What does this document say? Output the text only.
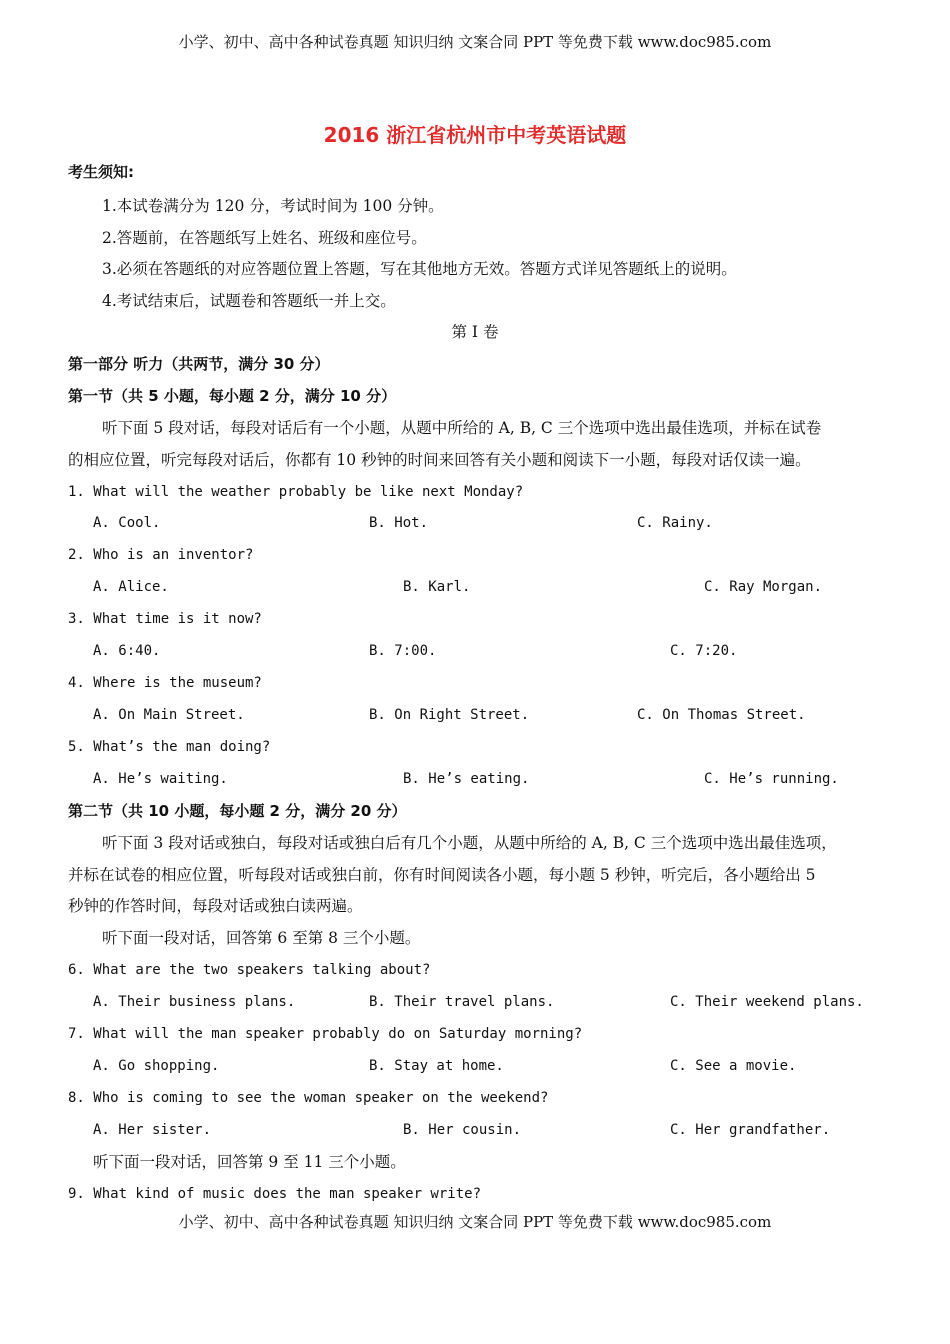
小学、初中、高中各种试卷真题 知识归纳 文案合同 PPT 等免费下载 www.doc985.com
2016 浙江省杭州市中考英语试题
考生须知:
1.本试卷满分为 120 分，考试时间为 100 分钟。
2.答题前，在答题纸写上姓名、班级和座位号。
3.必须在答题纸的对应答题位置上答题，写在其他地方无效。答题方式详见答题纸上的说明。
4.考试结束后，试题卷和答题纸一并上交。
第 I 卷
第一部分 听力（共两节，满分 30 分）
第一节（共 5 小题，每小题 2 分，满分 10 分）
听下面 5 段对话，每段对话后有一个小题，从题中所给的 A, B, C 三个选项中选出最佳选项，并标在试卷
的相应位置，听完每段对话后，你都有 10 秒钟的时间来回答有关小题和阅读下一小题，每段对话仅读一遍。
1. What will the weather probably be like next Monday?
A. Cool.	B. Hot.	C. Rainy.
2. Who is an inventor?
A. Alice.	B. Karl.	C. Ray Morgan.
3. What time is it now?
A. 6:40.	B. 7:00.	C. 7:20.
4. Where is the museum?
A. On Main Street.	B. On Right Street.	C. On Thomas Street.
5. What’s the man doing?
A. He’s waiting.	B. He’s eating.	C. He’s running.
第二节（共 10 小题，每小题 2 分，满分 20 分）
听下面 3 段对话或独白，每段对话或独白后有几个小题，从题中所给的 A, B, C 三个选项中选出最佳选项，
并标在试卷的相应位置，听每段对话或独白前，你有时间阅读各小题，每小题 5 秒钟，听完后，各小题给出 5
秒钟的作答时间，每段对话或独白读两遍。
听下面一段对话，回答第 6 至第 8 三个小题。
6. What are the two speakers talking about?
A. Their business plans.	B. Their travel plans.	C. Their weekend plans.
7. What will the man speaker probably do on Saturday morning?
A. Go shopping.	B. Stay at home.	C. See a movie.
8. Who is coming to see the woman speaker on the weekend?
A. Her sister.	B. Her cousin.	C. Her grandfather.
听下面一段对话，回答第 9 至 11 三个小题。
9. What kind of music does the man speaker write?
小学、初中、高中各种试卷真题 知识归纳 文案合同 PPT 等免费下载 www.doc985.com
